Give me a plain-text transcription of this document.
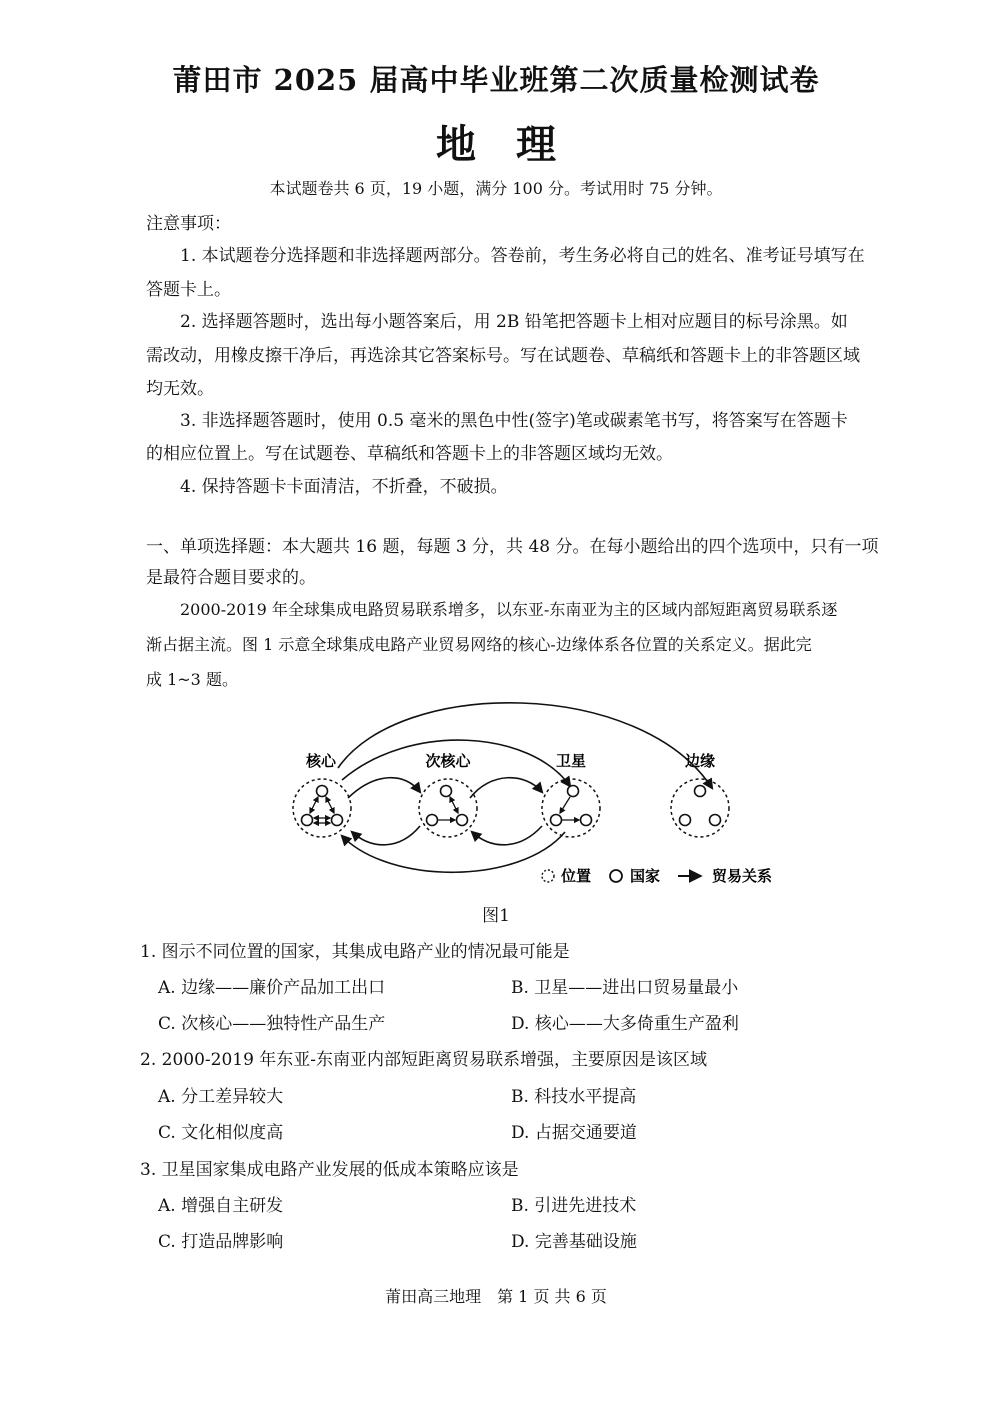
莆田市 2025 届高中毕业班第二次质量检测试卷
地理
本试题卷共 6 页，19 小题，满分 100 分。考试用时 75 分钟。
注意事项：
1. 本试题卷分选择题和非选择题两部分。答卷前，考生务必将自己的姓名、准考证号填写在
答题卡上。
2. 选择题答题时，选出每小题答案后，用 2B 铅笔把答题卡上相对应题目的标号涂黑。如
需改动，用橡皮擦干净后，再选涂其它答案标号。写在试题卷、草稿纸和答题卡上的非答题区域
均无效。
3. 非选择题答题时，使用 0.5 毫米的黑色中性(签字)笔或碳素笔书写，将答案写在答题卡
的相应位置上。写在试题卷、草稿纸和答题卡上的非答题区域均无效。
4. 保持答题卡卡面清洁，不折叠，不破损。
一、单项选择题：本大题共 16 题，每题 3 分，共 48 分。在每小题给出的四个选项中，只有一项
是最符合题目要求的。
2000-2019 年全球集成电路贸易联系增多，以东亚-东南亚为主的区域内部短距离贸易联系逐
渐占据主流。图 1 示意全球集成电路产业贸易网络的核心-边缘体系各位置的关系定义。据此完
成 1~3 题。
核心	次核心	卫星	边缘
位置	国家	贸易关系
图1
1. 图示不同位置的国家，其集成电路产业的情况最可能是
A. 边缘——廉价产品加工出口	B. 卫星——进出口贸易量最小
C. 次核心——独特性产品生产	D. 核心——大多倚重生产盈利
2. 2000-2019 年东亚-东南亚内部短距离贸易联系增强，主要原因是该区域
A. 分工差异较大	B. 科技水平提高
C. 文化相似度高	D. 占据交通要道
3. 卫星国家集成电路产业发展的低成本策略应该是
A. 增强自主研发	B. 引进先进技术
C. 打造品牌影响	D. 完善基础设施
莆田高三地理　第 1 页 共 6 页
